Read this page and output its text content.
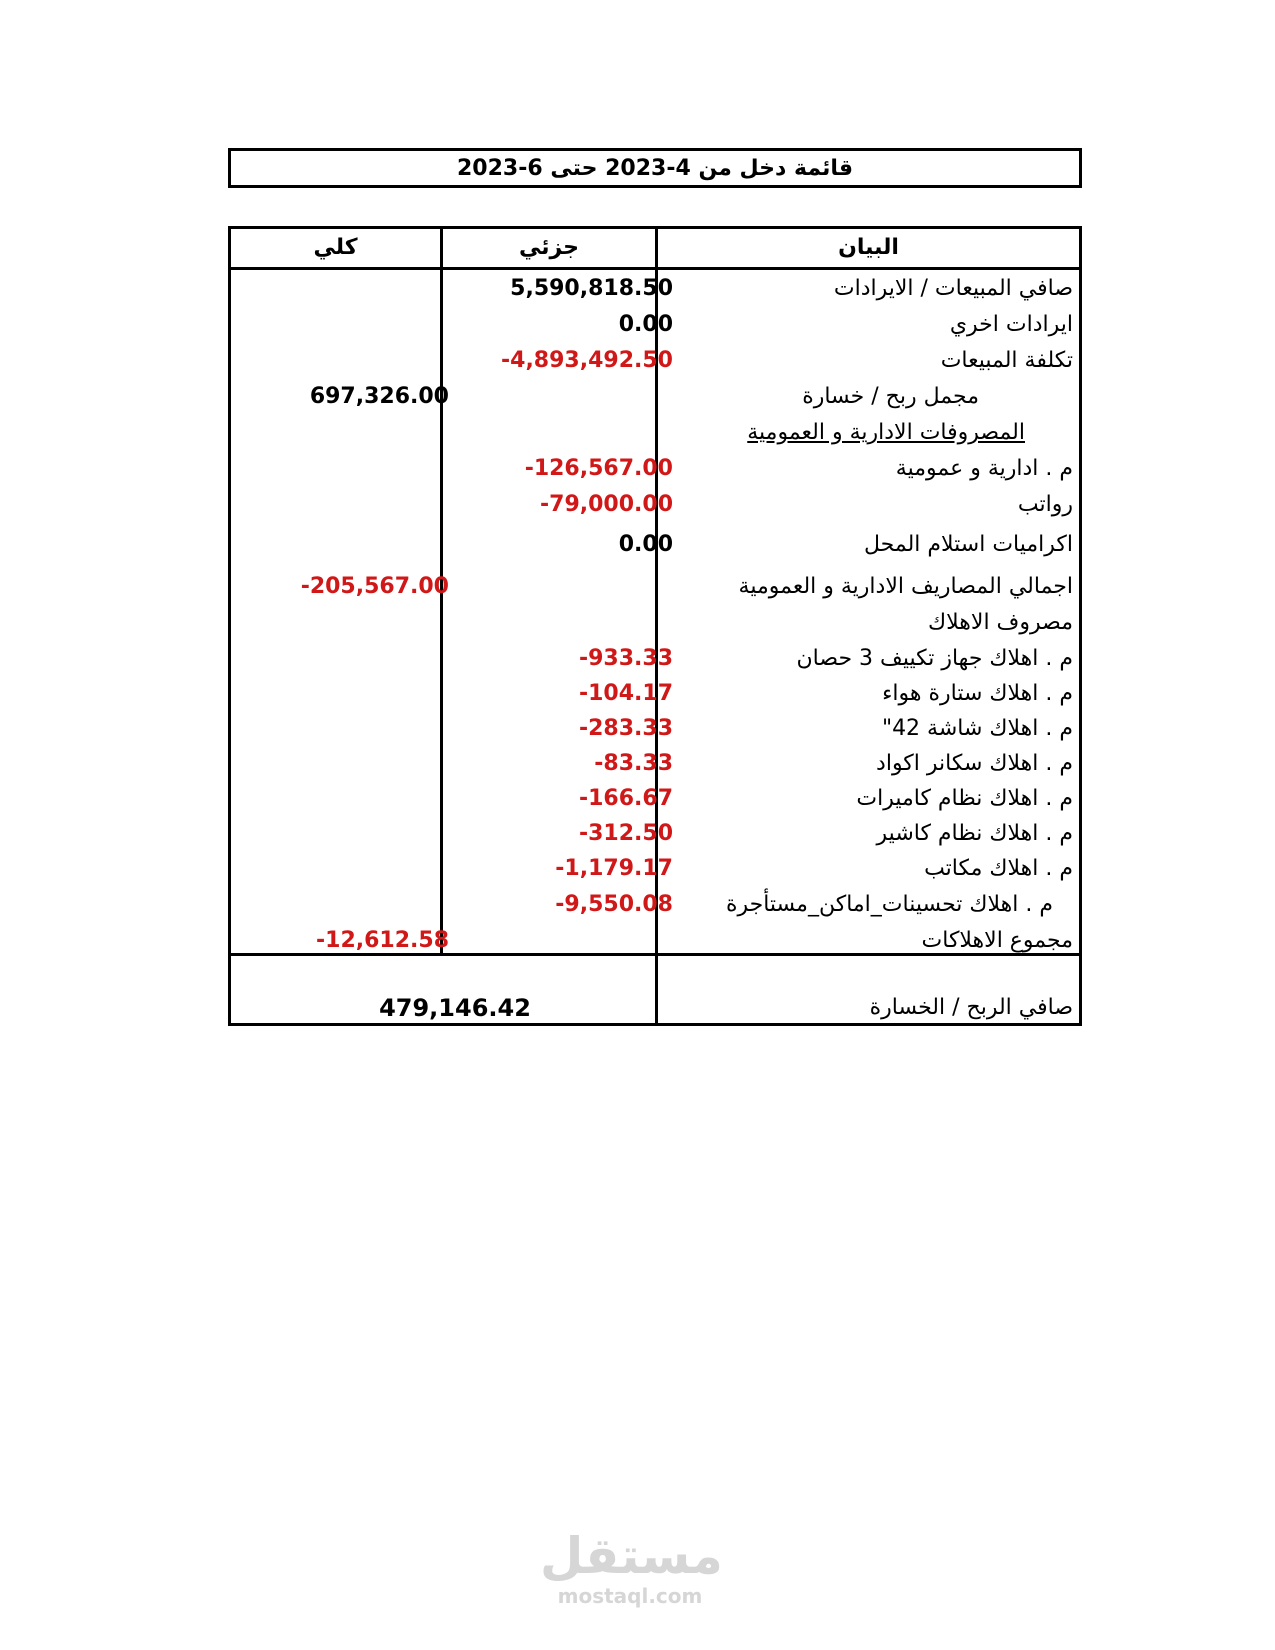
قائمة دخل من 4-2023 حتى 6-2023
البيان
جزئي
كلي
صافي المبيعات / الايرادات
5,590,818.50
ايرادات اخري
0.00
تكلفة المبيعات
-4,893,492.50
مجمل ربح / خسارة
697,326.00
المصروفات الادارية و العمومية
م . ادارية و عمومية
-126,567.00
رواتب
-79,000.00
اكراميات استلام المحل
0.00
اجمالي المصاريف الادارية و العمومية
-205,567.00
مصروف الاهلاك
م . اهلاك جهاز تكييف 3 حصان
-933.33
م . اهلاك ستارة هواء
-104.17
م . اهلاك شاشة 42"
-283.33
م . اهلاك سكانر اكواد
-83.33
م . اهلاك نظام كاميرات
-166.67
م . اهلاك نظام كاشير
-312.50
م . اهلاك مكاتب
-1,179.17
م . اهلاك تحسينات_اماكن_مستأجرة
-9,550.08
مجموع الاهلاكات
-12,612.58
صافي الربح / الخسارة
479,146.42
مستقل
mostaql.com
